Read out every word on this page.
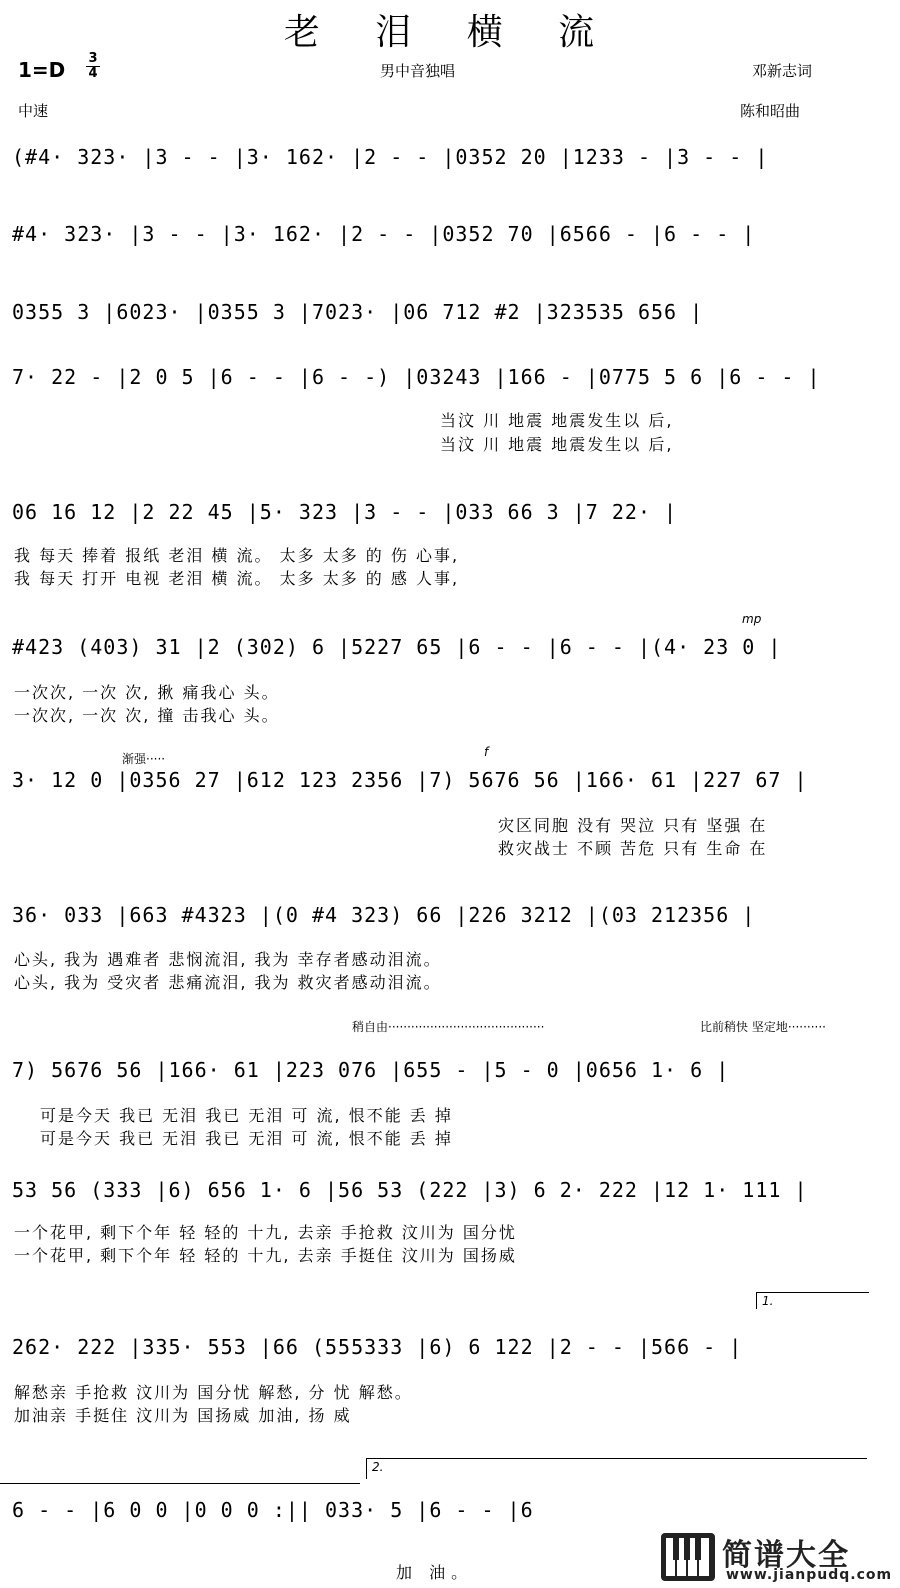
老 泪 横 流
$1=D \frac{3}{4}$	男中音独唱	邓新志词
中速	陈和昭曲
(#4· 323· |3 - - |3· 162· |2 - - |0352 20 |1233 - |3 - - |
#4· 323· |3 - - |3· 162· |2 - - |0352 70 |6566 - |6 - - |
0355 3 |6023· |0355 3 |7023· |06 712 #2 |323535 656 |
7· 22 - |2 0 5 |6 - - |6 - -) |03243 |166 - |0775 5 6 |6 - - |
当汶 川 地震 地震发生以 后,
当汶 川 地震 地震发生以 后,
06 16 12 |2 22 45 |5· 323 |3 - - |033 66 3 |7 22· |
我 每天 捧着 报纸 老泪 横 流。 太多 太多 的 伤 心事,
我 每天 打开 电视 老泪 横 流。 太多 太多 的 感 人事,
mp
#423 (403) 31 |2 (302) 6 |5227 65 |6 - - |6 - - |(4· 23 0 |
一次次, 一次 次, 揪 痛我心 头。
一次次, 一次 次, 撞 击我心 头。
渐强·····	f
3· 12 0 |0356 27 |612 123 2356 |7) 5676 56 |166· 61 |227 67 |
灾区同胞 没有 哭泣 只有 坚强 在
救灾战士 不顾 苦危 只有 生命 在
36· 033 |663 #4323 |(0 #4 323) 66 |226 3212 |(03 212356 |
心头, 我为 遇难者 悲悯流泪, 我为 幸存者感动泪流。
心头, 我为 受灾者 悲痛流泪, 我为 救灾者感动泪流。
稍自由·········································	比前稍快 坚定地··········
7) 5676 56 |166· 61 |223 076 |655 - |5 - 0 |0656 1· 6 |
可是今天 我已 无泪 我已 无泪 可 流, 恨不能 丢 掉
可是今天 我已 无泪 我已 无泪 可 流, 恨不能 丢 掉
53 56 (333 |6) 656 1· 6 |56 53 (222 |3) 6 2· 222 |12 1· 111 |
一个花甲, 剩下个年 轻 轻的 十九, 去亲 手抢救 汶川为 国分忧
一个花甲, 剩下个年 轻 轻的 十九, 去亲 手挺住 汶川为 国扬威
1.
262· 222 |335· 553 |66 (555333 |6) 6 122 |2 - - |566 - |
解愁亲 手抢救 汶川为 国分忧 解愁, 分 忧 解愁。
加油亲 手挺住 汶川为 国扬威 加油, 扬 威
2.
6 - - |6 0 0 |0 0 0 :|| 033· 5 |6 - - |6
加 油。	简谱大全
www.jianpudq.com
